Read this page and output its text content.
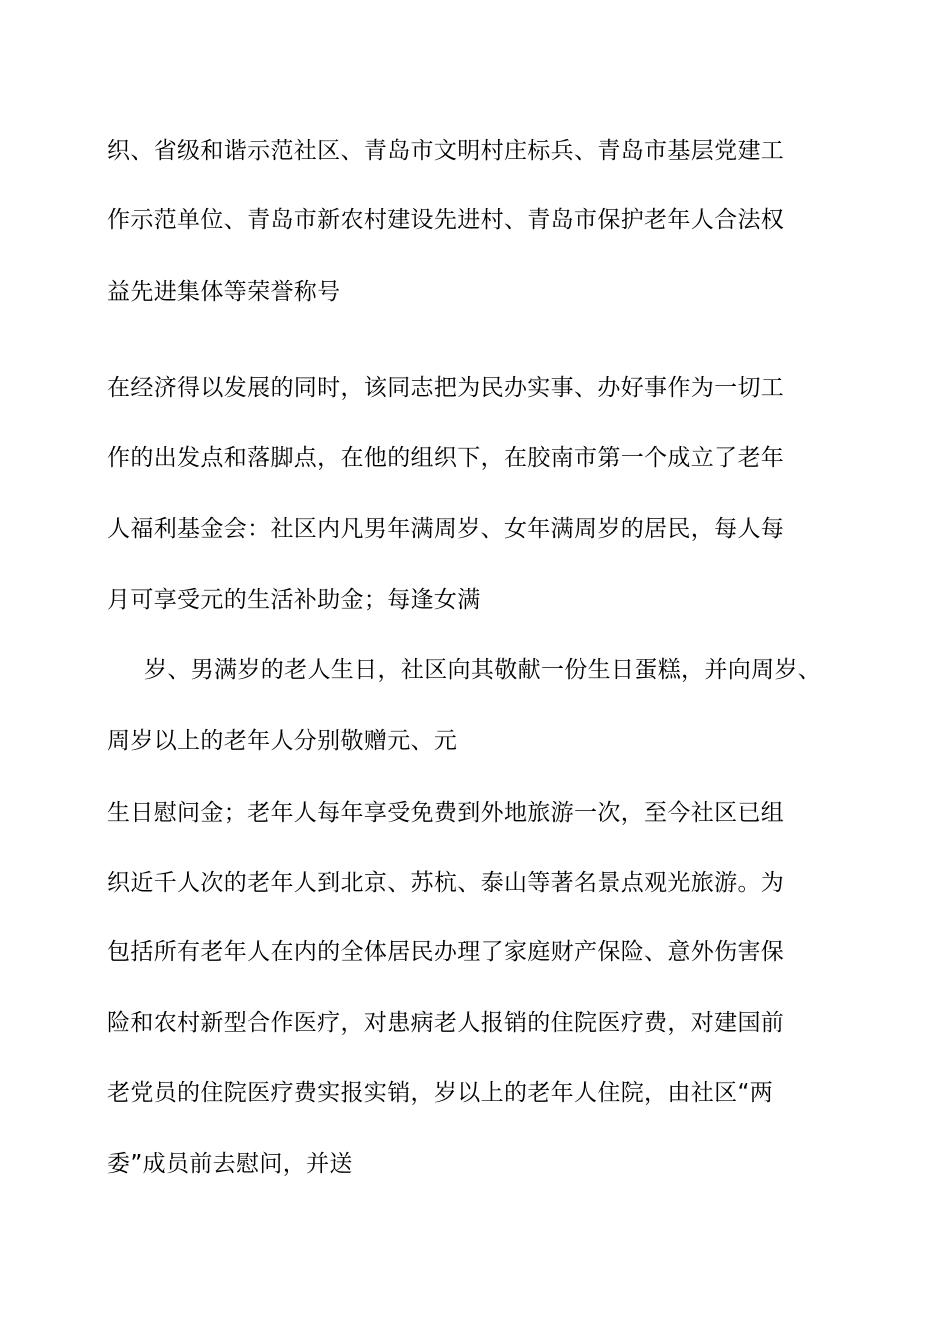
织、省级和谐示范社区、青岛市文明村庄标兵、青岛市基层党建工
作示范单位、青岛市新农村建设先进村、青岛市保护老年人合法权
益先进集体等荣誉称号
在经济得以发展的同时，该同志把为民办实事、办好事作为一切工
作的出发点和落脚点，在他的组织下，在胶南市第一个成立了老年
人福利基金会：社区内凡男年满周岁、女年满周岁的居民，每人每
月可享受元的生活补助金；每逢女满
岁、男满岁的老人生日，社区向其敬献一份生日蛋糕，并向周岁、
周岁以上的老年人分别敬赠元、元
生日慰问金；老年人每年享受免费到外地旅游一次，至今社区已组
织近千人次的老年人到北京、苏杭、泰山等著名景点观光旅游。为
包括所有老年人在内的全体居民办理了家庭财产保险、意外伤害保
险和农村新型合作医疗，对患病老人报销的住院医疗费，对建国前
老党员的住院医疗费实报实销，岁以上的老年人住院，由社区“两
委”成员前去慰问，并送
